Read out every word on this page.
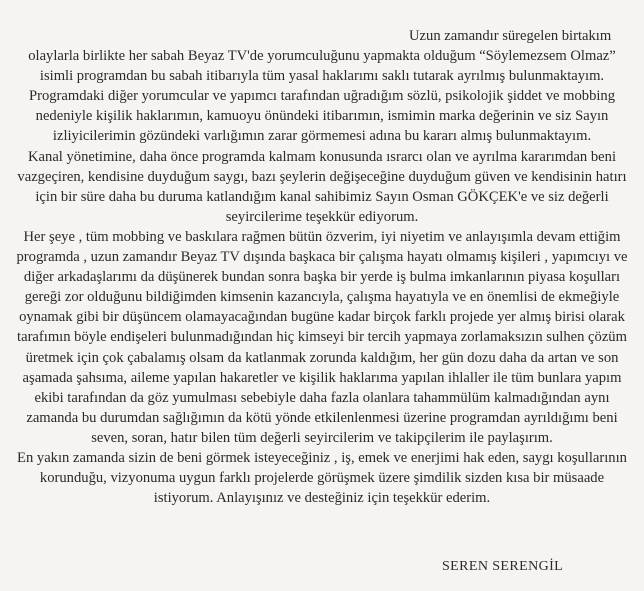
Uzun zamandır süregelen birtakım
olaylarla birlikte her sabah Beyaz TV'de yorumculuğunu yapmakta olduğum “Söylemezsem Olmaz”
isimli programdan bu sabah itibarıyla tüm yasal haklarımı saklı tutarak ayrılmış bulunmaktayım.
Programdaki diğer yorumcular ve yapımcı tarafından uğradığım sözlü, psikolojik şiddet ve mobbing
nedeniyle kişilik haklarımın, kamuoyu önündeki itibarımın, ismimin marka değerinin ve siz Sayın
izliyicilerimin gözündeki varlığımın zarar görmemesi adına bu kararı almış bulunmaktayım.
Kanal yönetimine, daha önce programda kalmam konusunda ısrarcı olan ve ayrılma kararımdan beni
vazgeçiren, kendisine duyduğum saygı, bazı şeylerin değişeceğine duyduğum güven ve kendisinin hatırı
için bir süre daha bu duruma katlandığım kanal sahibimiz Sayın Osman GÖKÇEK'e ve siz değerli
seyircilerime teşekkür ediyorum.
Her şeye , tüm mobbing ve baskılara rağmen bütün özverim, iyi niyetim ve anlayışımla devam ettiğim
programda , uzun zamandır Beyaz TV dışında başkaca bir çalışma hayatı olmamış kişileri , yapımcıyı ve
diğer arkadaşlarımı da düşünerek bundan sonra başka bir yerde iş bulma imkanlarının piyasa koşulları
gereği zor olduğunu bildiğimden kimsenin kazancıyla, çalışma hayatıyla ve en önemlisi de ekmeğiyle
oynamak gibi bir düşüncem olamayacağından bugüne kadar birçok farklı projede yer almış birisi olarak
tarafımın böyle endişeleri bulunmadığından hiç kimseyi bir tercih yapmaya zorlamaksızın sulhen çözüm
üretmek için çok çabalamış olsam da katlanmak zorunda kaldığım, her gün dozu daha da artan ve son
aşamada şahsıma, aileme yapılan hakaretler ve kişilik haklarıma yapılan ihlaller ile tüm bunlara yapım
ekibi tarafından da göz yumulması sebebiyle daha fazla olanlara tahammülüm kalmadığından aynı
zamanda bu durumdan sağlığımın da kötü yönde etkilenlenmesi üzerine programdan ayrıldığımı beni
seven, soran, hatır bilen tüm değerli seyircilerim ve takipçilerim ile paylaşırım.
En yakın zamanda sizin de beni görmek isteyeceğiniz , iş, emek ve enerjimi hak eden, saygı koşullarının
korunduğu, vizyonuma uygun farklı projelerde görüşmek üzere şimdilik sizden kısa bir müsaade
istiyorum. Anlayışınız ve desteğiniz için teşekkür ederim.
SEREN SERENGİL
